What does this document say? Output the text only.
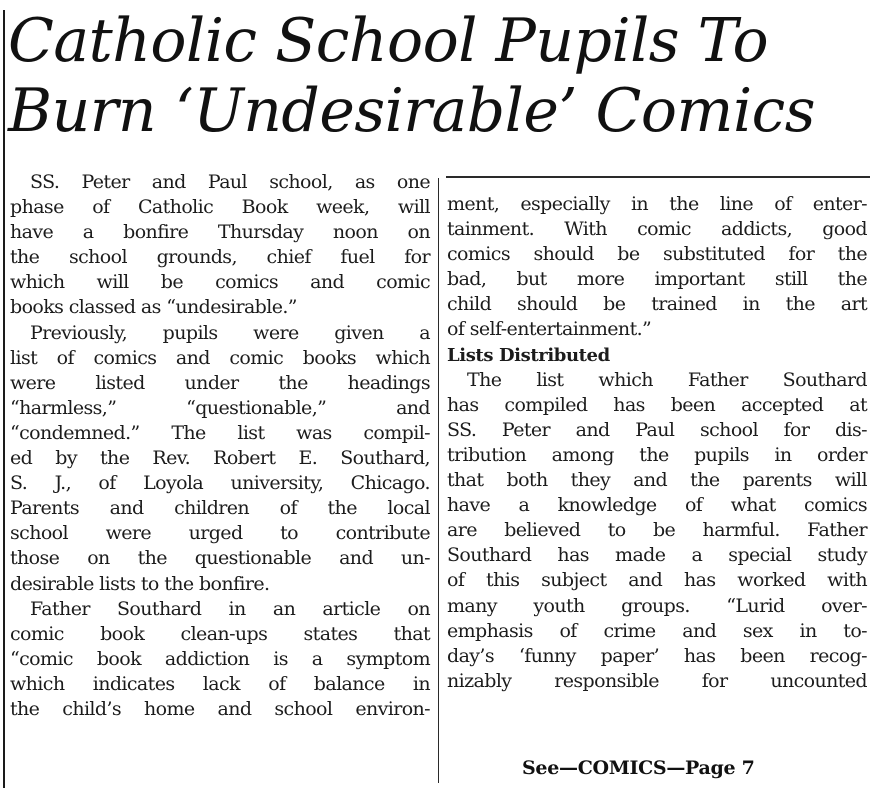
Catholic School Pupils To
Burn ‘Undesirable’ Comics
SS. Peter and Paul school, as one
phase of Catholic Book week, will
have a bonfire Thursday noon on
the school grounds, chief fuel for
which will be comics and comic
books classed as “undesirable.”
Previously, pupils were given a
list of comics and comic books which
were listed under the headings
“harmless,” “questionable,” and
“condemned.” The list was compil-
ed by the Rev. Robert E. Southard,
S. J., of Loyola university, Chicago.
Parents and children of the local
school were urged to contribute
those on the questionable and un-
desirable lists to the bonfire.
Father Southard in an article on
comic book clean-ups states that
“comic book addiction is a symptom
which indicates lack of balance in
the child’s home and school environ-
ment, especially in the line of enter-
tainment. With comic addicts, good
comics should be substituted for the
bad, but more important still the
child should be trained in the art
of self-entertainment.”
Lists Distributed
The list which Father Southard
has compiled has been accepted at
SS. Peter and Paul school for dis-
tribution among the pupils in order
that both they and the parents will
have a knowledge of what comics
are believed to be harmful. Father
Southard has made a special study
of this subject and has worked with
many youth groups. “Lurid over-
emphasis of crime and sex in to-
day’s ‘funny paper’ has been recog-
nizably responsible for uncounted
See—COMICS—Page 7
